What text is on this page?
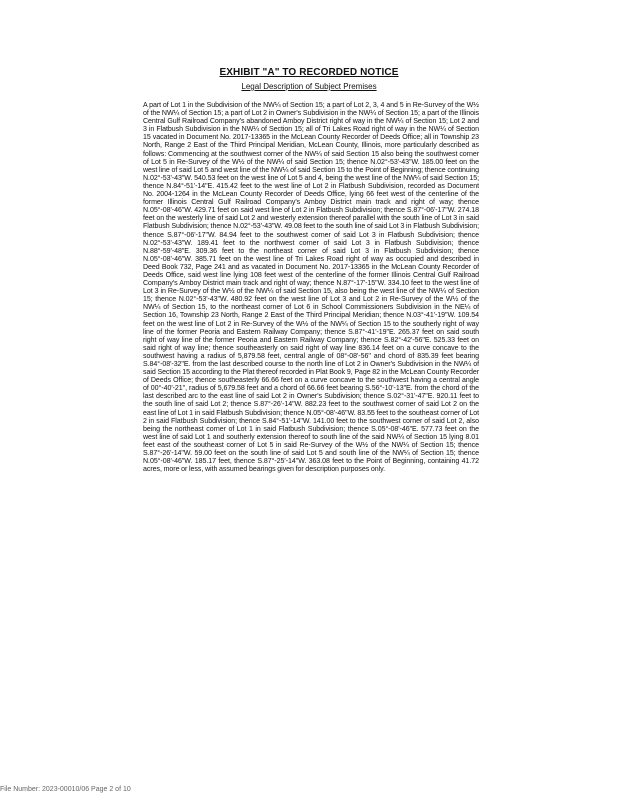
EXHIBIT "A" TO RECORDED NOTICE
Legal Description of Subject Premises
A part of Lot 1 in the Subdivision of the NW¼ of Section 15; a part of Lot 2, 3, 4 and 5 in Re-Survey of the W½ of the NW¼ of Section 15; a part of Lot 2 in Owner's Subdivision in the NW¼ of Section 15; a part of the Illinois Central Gulf Railroad Company's abandoned Amboy District right of way in the NW¼ of Section 15; Lot 2 and 3 in Flatbush Subdivision in the NW¼ of Section 15; all of Tri Lakes Road right of way in the NW¼ of Section 15 vacated in Document No. 2017-13365 in the McLean County Recorder of Deeds Office; all in Township 23 North, Range 2 East of the Third Principal Meridian, McLean County, Illinois, more particularly described as follows: Commencing at the southwest corner of the NW¼ of said Section 15 also being the southwest corner of Lot 5 in Re-Survey of the W½ of the NW¼ of said Section 15; thence N.02°-53'-43"W. 185.00 feet on the west line of said Lot 5 and west line of the NW¼ of said Section 15 to the Point of Beginning; thence continuing N.02°-53'-43"W. 540.53 feet on the west line of Lot 5 and 4, being the west line of the NW¼ of said Section 15; thence N.84°-51'-14"E. 415.42 feet to the west line of Lot 2 in Flatbush Subdivision, recorded as Document No. 2004-1264 in the McLean County Recorder of Deeds Office, lying 66 feet west of the centerline of the former Illinois Central Gulf Railroad Company's Amboy District main track and right of way; thence N.05°-08'-46"W. 429.71 feet on said west line of Lot 2 in Flatbush Subdivision; thence S.87°-06'-17"W. 274.18 feet on the westerly line of said Lot 2 and westerly extension thereof parallel with the south line of Lot 3 in said Flatbush Subdivision; thence N.02°-53'-43"W. 49.08 feet to the south line of said Lot 3 in Flatbush Subdivision; thence S.87°-06'-17"W. 84.94 feet to the southwest corner of said Lot 3 in Flatbush Subdivision; thence N.02°-53'-43"W. 189.41 feet to the northwest corner of said Lot 3 in Flatbush Subdivision; thence N.88°-59'-48"E. 309.36 feet to the northeast corner of said Lot 3 in Flatbush Subdivision; thence N.05°-08'-46"W. 385.71 feet on the west line of Tri Lakes Road right of way as occupied and described in Deed Book 732, Page 241 and as vacated in Document No. 2017-13365 in the McLean County Recorder of Deeds Office, said west line lying 108 feet west of the centerline of the former Illinois Central Gulf Railroad Company's Amboy District main track and right of way; thence N.87°-17'-15"W. 334.10 feet to the west line of Lot 3 in Re-Survey of the W½ of the NW¼ of said Section 15, also being the west line of the NW¼ of Section 15; thence N.02°-53'-43"W. 480.92 feet on the west line of Lot 3 and Lot 2 in Re-Survey of the W½ of the NW¼ of Section 15, to the northeast corner of Lot 6 in School Commissioners Subdivision in the NE¼ of Section 16, Township 23 North, Range 2 East of the Third Principal Meridian; thence N.03°-41'-19"W. 109.54 feet on the west line of Lot 2 in Re-Survey of the W½ of the NW¼ of Section 15 to the southerly right of way line of the former Peoria and Eastern Railway Company; thence S.87°-41'-19"E. 265.37 feet on said south right of way line of the former Peoria and Eastern Railway Company; thence S.82°-42'-56"E. 525.33 feet on said right of way line; thence southeasterly on said right of way line 836.14 feet on a curve concave to the southwest having a radius of 5,879.58 feet, central angle of 08°-08'-56" and chord of 835.39 feet bearing S.84°-08'-32"E. from the last described course to the north line of Lot 2 in Owner's Subdivision in the NW¼ of said Section 15 according to the Plat thereof recorded in Plat Book 9, Page 82 in the McLean County Recorder of Deeds Office; thence southeasterly 66.66 feet on a curve concave to the southwest having a central angle of 00°-40'-21", radius of 5,679.58 feet and a chord of 66.66 feet bearing S.56°-10'-13"E. from the chord of the last described arc to the east line of said Lot 2 in Owner's Subdivision; thence S.02°-31'-47"E. 920.11 feet to the south line of said Lot 2; thence S.87°-26'-14"W. 882.23 feet to the southwest corner of said Lot 2 on the east line of Lot 1 in said Flatbush Subdivision; thence N.05°-08'-46"W. 83.55 feet to the southeast corner of Lot 2 in said Flatbush Subdivision; thence S.84°-51'-14"W. 141.00 feet to the southwest corner of said Lot 2, also being the northeast corner of Lot 1 in said Flatbush Subdivision; thence S.05°-08'-46"E. 577.73 feet on the west line of said Lot 1 and southerly extension thereof to south line of the said NW¼ of Section 15 lying 8.01 feet east of the southeast corner of Lot 5 in said Re-Survey of the W½ of the NW¼ of Section 15; thence S.87°-26'-14"W. 59.00 feet on the south line of said Lot 5 and south line of the NW¼ of Section 15; thence N.05°-08'-46"W. 185.17 feet, thence S.87°-25'-14"W. 363.08 feet to the Point of Beginning, containing 41.72 acres, more or less, with assumed bearings given for description purposes only.
File Number: 2023-00010/06 Page 2 of 10
